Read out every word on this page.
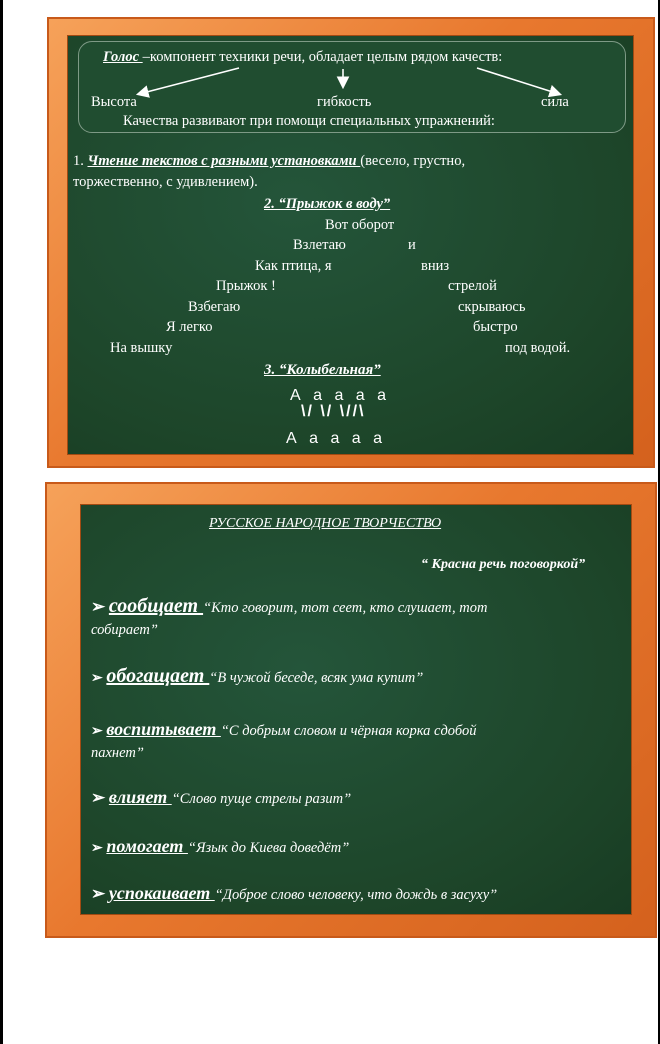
Голос –компонент техники речи, обладает целым рядом качеств:
Высота	гибкость	сила
Качества развивают при помощи специальных упражнений:
1. Чтение текстов с разными установками (весело, грустно,
торжественно, с удивлением).
2. “Прыжок в воду”
Вот оборот
Взлетаю	и
Как птица, я	вниз
Прыжок !	стрелой
Взбегаю	скрываюсь
Я легко	быстро
На вышку	под водой.
3. “Колыбельная”
А а а а а
\/ \/ \//\
А а а а а
РУССКОЕ НАРОДНОЕ ТВОРЧЕСТВО
“ Красна речь поговоркой”
➢ сообщает “Кто говорит, тот сеет, кто слушает, тот
собирает”
➢ обогащает “В чужой беседе, всяк ума купит”
➢ воспитывает “С добрым словом и чёрная корка сдобой
пахнет”
➢ влияет “Слово пуще стрелы разит”
➢ помогает “Язык до Киева доведёт”
➢ успокаивает “Доброе слово человеку, что дождь в засуху”
